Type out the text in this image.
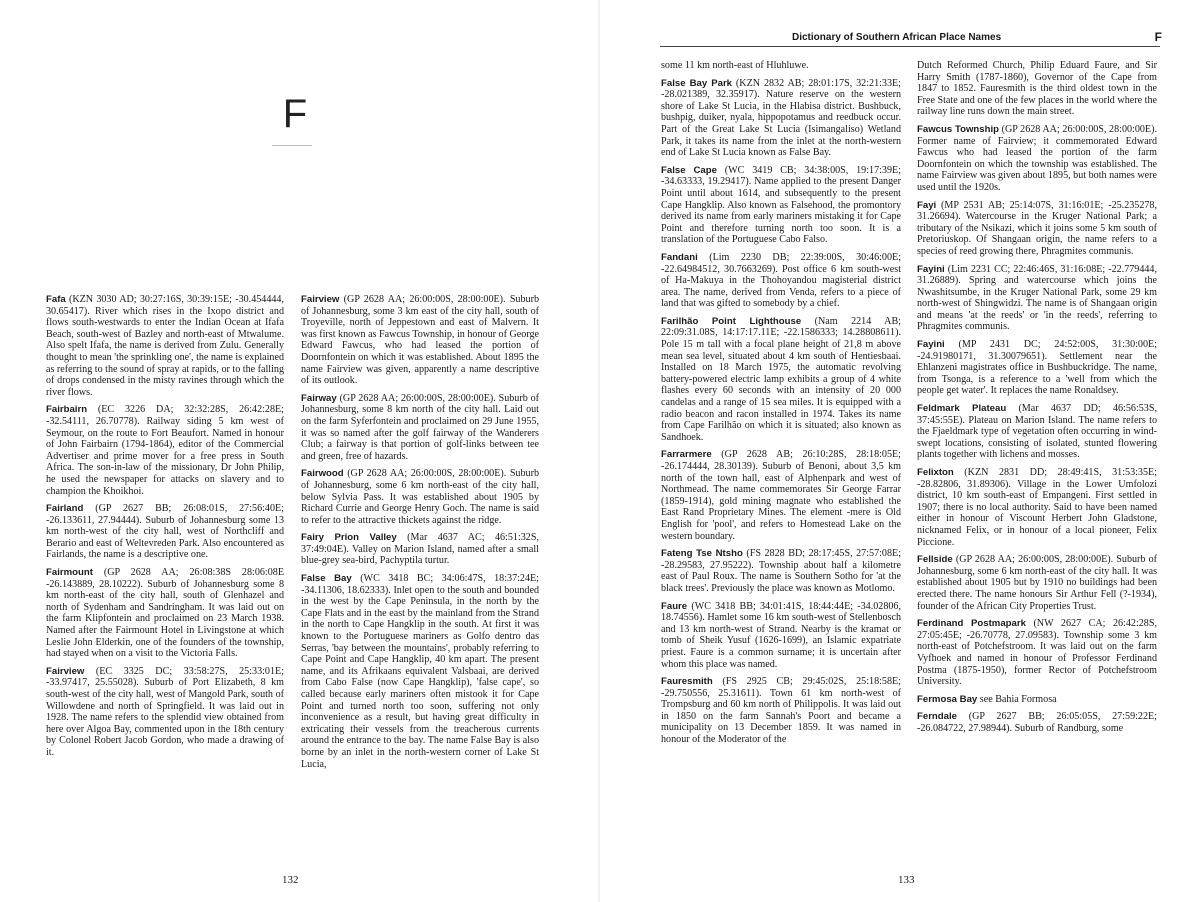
F
Fafa (KZN 3030 AD; 30:27:16S, 30:39:15E; -30.454444, 30.65417). River which rises in the Ixopo district and flows south-westwards to enter the Indian Ocean at Ifafa Beach, south-west of Bazley and north-east of Mtwalume. Also spelt Ifafa, the name is derived from Zulu. Generally thought to mean 'the sprinkling one', the name is explained as referring to the sound of spray at rapids, or to the falling of drops condensed in the misty ravines through which the river flows.
Fairbairn (EC 3226 DA; 32:32:28S, 26:42:28E; -32.54111, 26.70778). Railway siding 5 km west of Seymour, on the route to Fort Beaufort. Named in honour of John Fairbairn (1794-1864), editor of the Commercial Advertiser and prime mover for a free press in South Africa. The son-in-law of the missionary, Dr John Philip, he used the newspaper for attacks on slavery and to champion the Khoikhoi.
Fairland (GP 2627 BB; 26:08:01S, 27:56:40E; -26.133611, 27.94444). Suburb of Johannesburg some 13 km north-west of the city hall, west of Northcliff and Berario and east of Weltevreden Park. Also encountered as Fairlands, the name is a descriptive one.
Fairmount (GP 2628 AA; 26:08:38S 28:06:08E -26.143889, 28.10222). Suburb of Johannesburg some 8 km north-east of the city hall, south of Glenhazel and north of Sydenham and Sandringham. It was laid out on the farm Klipfontein and proclaimed on 23 March 1938. Named after the Fairmount Hotel in Livingstone at which Leslie John Elderkin, one of the founders of the township, had stayed when on a visit to the Victoria Falls.
Fairview (EC 3325 DC; 33:58:27S, 25:33:01E; -33.97417, 25.55028). Suburb of Port Elizabeth, 8 km south-west of the city hall, west of Mangold Park, south of Willowdene and north of Springfield. It was laid out in 1928. The name refers to the splendid view obtained from here over Algoa Bay, commented upon in the 18th century by Colonel Robert Jacob Gordon, who made a drawing of it.
Fairview (GP 2628 AA; 26:00:00S, 28:00:00E). Suburb of Johannesburg, some 3 km east of the city hall, south of Troyeville, north of Jeppestown and east of Malvern. It was first known as Fawcus Township, in honour of George Edward Fawcus, who had leased the portion of Doornfontein on which it was established. About 1895 the name Fairview was given, apparently a name descriptive of its outlook.
Fairway (GP 2628 AA; 26:00:00S, 28:00:00E). Suburb of Johannesburg, some 8 km north of the city hall. Laid out on the farm Syferfontein and proclaimed on 29 June 1955, it was so named after the golf fairway of the Wanderers Club; a fairway is that portion of golf-links between tee and green, free of hazards.
Fairwood (GP 2628 AA; 26:00:00S, 28:00:00E). Suburb of Johannesburg, some 6 km north-east of the city hall, below Sylvia Pass. It was established about 1905 by Richard Currie and George Henry Goch. The name is said to refer to the attractive thickets against the ridge.
Fairy Prion Valley (Mar 4637 AC; 46:51:32S, 37:49:04E). Valley on Marion Island, named after a small blue-grey sea-bird, Pachyptila turtur.
False Bay (WC 3418 BC; 34:06:47S, 18:37:24E; -34.11306, 18.62333). Inlet open to the south and bounded in the west by the Cape Peninsula, in the north by the Cape Flats and in the east by the mainland from the Strand in the north to Cape Hangklip in the south. At first it was known to the Portuguese mariners as Golfo dentro das Serras, 'bay between the mountains', probably referring to Cape Point and Cape Hangklip, 40 km apart. The present name, and its Afrikaans equivalent Valsbaai, are derived from Cabo False (now Cape Hangklip), 'false cape', so called because early mariners often mistook it for Cape Point and turned north too soon, suffering not only inconvenience as a result, but having great difficulty in extricating their vessels from the treacherous currents around the entrance to the bay. The name False Bay is also borne by an inlet in the north-western corner of Lake St Lucia,
132
Dictionary of Southern African Place Names	F
some 11 km north-east of Hluhluwe.
False Bay Park (KZN 2832 AB; 28:01:17S, 32:21:33E; -28.021389, 32.35917). Nature reserve on the western shore of Lake St Lucia, in the Hlabisa district. Bushbuck, bushpig, duiker, nyala, hippopotamus and reedbuck occur. Part of the Great Lake St Lucia (Isimangaliso) Wetland Park, it takes its name from the inlet at the north-western end of Lake St Lucia known as False Bay.
False Cape (WC 3419 CB; 34:38:00S, 19:17:39E; -34.63333, 19.29417). Name applied to the present Danger Point until about 1614, and subsequently to the present Cape Hangklip. Also known as Falsehood, the promontory derived its name from early mariners mistaking it for Cape Point and therefore turning north too soon. It is a translation of the Portuguese Cabo Falso.
Fandani (Lim 2230 DB; 22:39:00S, 30:46:00E; -22.64984512, 30.7663269). Post office 6 km south-west of Ha-Makuya in the Thohoyandou magisterial district area. The name, derived from Venda, refers to a piece of land that was gifted to somebody by a chief.
Farilhão Point Lighthouse (Nam 2214 AB; 22:09:31.08S, 14:17:17.11E; -22.1586333; 14.28808611). Pole 15 m tall with a focal plane height of 21,8 m above mean sea level, situated about 4 km south of Hentiesbaai. Installed on 18 March 1975, the automatic revolving battery-powered electric lamp exhibits a group of 4 white flashes every 60 seconds with an intensity of 20 000 candelas and a range of 15 sea miles. It is equipped with a radio beacon and racon installed in 1974. Takes its name from Cape Farilhão on which it is situated; also known as Sandhoek.
Farrarmere (GP 2628 AB; 26:10:28S, 28:18:05E; -26.174444, 28.30139). Suburb of Benoni, about 3,5 km north of the town hall, east of Alphenpark and west of Northmead. The name commemorates Sir George Farrar (1859-1914), gold mining magnate who established the East Rand Proprietary Mines. The element -mere is Old English for 'pool', and refers to Homestead Lake on the western boundary.
Fateng Tse Ntsho (FS 2828 BD; 28:17:45S, 27:57:08E; -28.29583, 27.95222). Township about half a kilometre east of Paul Roux. The name is Southern Sotho for 'at the black trees'. Previously the place was known as Motlomo.
Faure (WC 3418 BB; 34:01:41S, 18:44:44E; -34.02806, 18.74556). Hamlet some 16 km south-west of Stellenbosch and 13 km north-west of Strand. Nearby is the kramat or tomb of Sheik Yusuf (1626-1699), an Islamic expatriate priest. Faure is a common surname; it is uncertain after whom this place was named.
Fauresmith (FS 2925 CB; 29:45:02S, 25:18:58E; -29.750556, 25.31611). Town 61 km north-west of Trompsburg and 60 km north of Philippolis. It was laid out in 1850 on the farm Sannah's Poort and became a municipality on 13 December 1859. It was named in honour of the Moderator of the
Dutch Reformed Church, Philip Eduard Faure, and Sir Harry Smith (1787-1860), Governor of the Cape from 1847 to 1852. Fauresmith is the third oldest town in the Free State and one of the few places in the world where the railway line runs down the main street.
Fawcus Township (GP 2628 AA; 26:00:00S, 28:00:00E). Former name of Fairview; it commemorated Edward Fawcus who had leased the portion of the farm Doornfontein on which the township was established. The name Fairview was given about 1895, but both names were used until the 1920s.
Fayi (MP 2531 AB; 25:14:07S, 31:16:01E; -25.235278, 31.26694). Watercourse in the Kruger National Park; a tributary of the Nsikazi, which it joins some 5 km south of Pretoriuskop. Of Shangaan origin, the name refers to a species of reed growing there, Phragmites communis.
Fayini (Lim 2231 CC; 22:46:46S, 31:16:08E; -22.779444, 31.26889). Spring and watercourse which joins the Nwashitsumbe, in the Kruger National Park, some 29 km north-west of Shingwidzi. The name is of Shangaan origin and means 'at the reeds' or 'in the reeds', referring to Phragmites communis.
Fayini (MP 2431 DC; 24:52:00S, 31:30:00E; -24.91980171, 31.30079651). Settlement near the Ehlanzeni magistrates office in Bushbuckridge. The name, from Tsonga, is a reference to a 'well from which the people get water'. It replaces the name Ronaldsey.
Feldmark Plateau (Mar 4637 DD; 46:56:53S, 37:45:55E). Plateau on Marion Island. The name refers to the Fjaeldmark type of vegetation often occurring in wind-swept locations, consisting of isolated, stunted flowering plants together with lichens and mosses.
Felixton (KZN 2831 DD; 28:49:41S, 31:53:35E; -28.82806, 31.89306). Village in the Lower Umfolozi district, 10 km south-east of Empangeni. First settled in 1907; there is no local authority. Said to have been named either in honour of Viscount Herbert John Gladstone, nicknamed Felix, or in honour of a local pioneer, Felix Piccione.
Fellside (GP 2628 AA; 26:00:00S, 28:00:00E). Suburb of Johannesburg, some 6 km north-east of the city hall. It was established about 1905 but by 1910 no buildings had been erected there. The name honours Sir Arthur Fell (?-1934), founder of the African City Properties Trust.
Ferdinand Postmapark (NW 2627 CA; 26:42:28S, 27:05:45E; -26.70778, 27.09583). Township some 3 km north-east of Potchefstroom. It was laid out on the farm Vyfhoek and named in honour of Professor Ferdinand Postma (1875-1950), former Rector of Potchefstroom University.
Fermosa Bay see Bahia Formosa
Ferndale (GP 2627 BB; 26:05:05S, 27:59:22E; -26.084722, 27.98944). Suburb of Randburg, some
133
